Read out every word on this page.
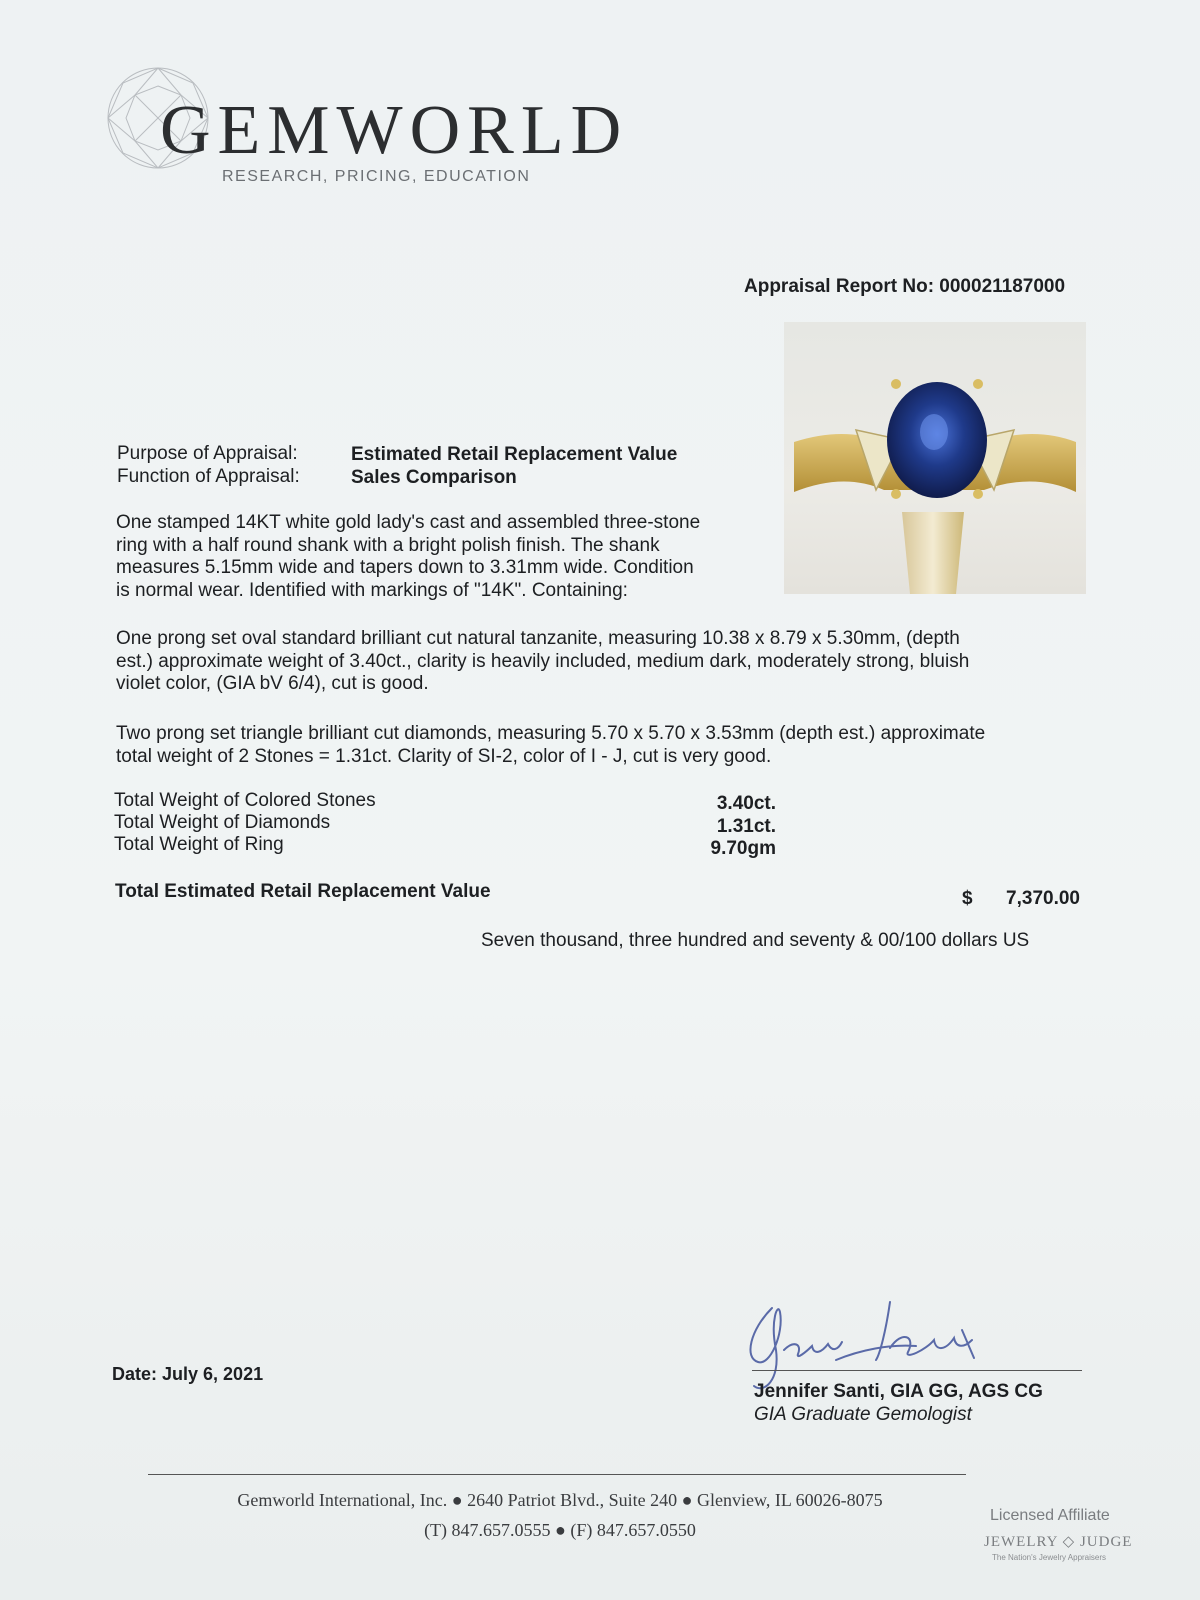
GEMWORLD
RESEARCH, PRICING, EDUCATION
Appraisal Report No: 000021187000
Purpose of Appraisal:	Estimated Retail Replacement Value
Function of Appraisal:	Sales Comparison

One stamped 14KT white gold lady's cast and assembled three-stone

ring with a half round shank with a bright polish finish. The shank

measures 5.15mm wide and tapers down to 3.31mm wide. Condition

is normal wear. Identified with markings of "14K". Containing:

One prong set oval standard brilliant cut natural tanzanite, measuring 10.38 x 8.79 x 5.30mm, (depth

est.) approximate weight of 3.40ct., clarity is heavily included, medium dark, moderately strong, bluish

violet color, (GIA bV 6/4), cut is good.

Two prong set triangle brilliant cut diamonds, measuring 5.70 x 5.70 x 3.53mm (depth est.) approximate

total weight of 2 Stones = 1.31ct. Clarity of SI-2, color of I - J, cut is very good.

Total Weight of Colored Stones	3.40ct.
Total Weight of Diamonds	1.31ct.
Total Weight of Ring	9.70gm
Total Estimated Retail Replacement Value	$	7,370.00
Seven thousand, three hundred and seventy & 00/100 dollars US
Date: July 6, 2021
Jennifer Santi, GIA GG, AGS CG
GIA Graduate Gemologist
Gemworld International, Inc. ● 2640 Patriot Blvd., Suite 240 ● Glenview, IL 60026-8075
(T) 847.657.0555 ● (F) 847.657.0550
Licensed Affiliate
JEWELRY ◇ JUDGE
The Nation's Jewelry Appraisers
